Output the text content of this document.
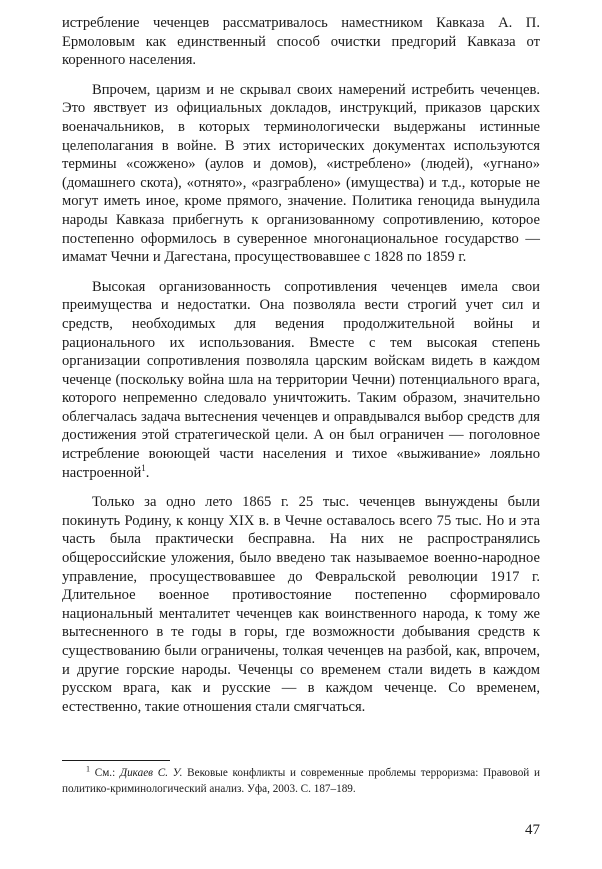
истребление чеченцев рассматривалось наместником Кавказа А. П. Ермоловым как единственный способ очистки предгорий Кавказа от коренного населения.

Впрочем, царизм и не скрывал своих намерений истребить чеченцев. Это явствует из официальных докладов, инструкций, приказов царских военачальников, в которых терминологически выдержаны истинные целеполагания в войне. В этих исторических документах используются термины «сожжено» (аулов и домов), «истреблено» (людей), «угнано» (домашнего скота), «отнято», «разграблено» (имущества) и т.д., которые не могут иметь иное, кроме прямого, значение. Политика геноцида вынудила народы Кавказа прибегнуть к организованному сопротивлению, которое постепенно оформилось в суверенное многонациональное государство — имамат Чечни и Дагестана, просуществовавшее с 1828 по 1859 г.

Высокая организованность сопротивления чеченцев имела свои преимущества и недостатки. Она позволяла вести строгий учет сил и средств, необходимых для ведения продолжительной войны и рационального их использования. Вместе с тем высокая степень организации сопротивления позволяла царским войскам видеть в каждом чеченце (поскольку война шла на территории Чечни) потенциального врага, которого непременно следовало уничтожить. Таким образом, значительно облегчалась задача вытеснения чеченцев и оправдывался выбор средств для достижения этой стратегической цели. А он был ограничен — поголовное истребление воюющей части населения и тихое «выживание» лояльно настроенной$^1$.

Только за одно лето 1865 г. 25 тыс. чеченцев вынуждены были покинуть Родину, к концу XIX в. в Чечне оставалось всего 75 тыс. Но и эта часть была практически бесправна. На них не распространялись общероссийские уложения, было введено так называемое военно-народное управление, просуществовавшее до Февральской революции 1917 г. Длительное военное противостояние постепенно сформировало национальный менталитет чеченцев как воинственного народа, к тому же вытесненного в те годы в горы, где возможности добывания средств к существованию были ограничены, толкая чеченцев на разбой, как, впрочем, и другие горские народы. Чеченцы со временем стали видеть в каждом русском врага, как и русские — в каждом чеченце. Со временем, естественно, такие отношения стали смягчаться.

$^1$ См.: Дикаев С. У. Вековые конфликты и современные проблемы терроризма: Правовой и политико-криминологический анализ. Уфа, 2003. С. 187–189.
47
